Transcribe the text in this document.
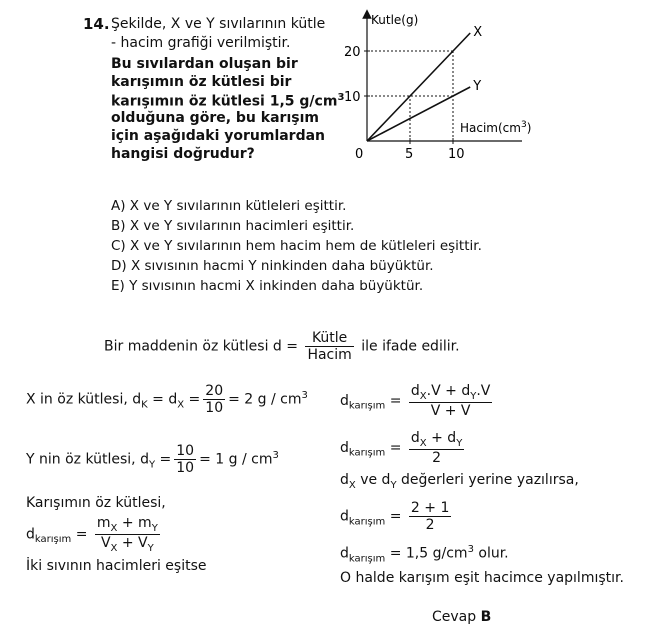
14. Şekilde, X ve Y sıvılarının kütle
- hacim grafiği verilmiştir.
Bu sıvılardan oluşan bir
karışımın öz kütlesi bir
karışımın öz kütlesi 1,5 $g/cm^3$
olduğuna göre, bu karışım
için aşağıdaki yorumlardan
hangisi doğrudur?
Kutle(g)
$Hacim(cm^3)$
0	5	10
10
20
X
Y
A) X ve Y sıvılarının kütleleri eşittir.
B) X ve Y sıvılarının hacimleri eşittir.
C) X ve Y sıvılarının hem hacim hem de kütleleri eşittir.
D) X sıvısının hacmi Y ninkinden daha büyüktür.
E) Y sıvısının hacmi X inkinden daha büyüktür.
Bir maddenin öz kütlesi $d = \frac{\text{Kütle}}{\text{Hacim}}$ ile ifade edilir.
X in öz kütlesi, $d_K = d_X = \frac{20}{10} = 2$ g / $cm^3$
Y nin öz kütlesi, $d_Y = \frac{10}{10} = 1$ g / $cm^3$
Karışımın öz kütlesi,
$d_{karışım} = \frac{m_X + m_Y}{V_X + V_Y}$
İki sıvının hacimleri eşitse
$d_{karışım} = \frac{d_X.V + d_Y.V}{V + V}$
$d_{karışım} = \frac{d_X + d_Y}{2}$
$d_X$ ve $d_Y$ değerleri yerine yazılırsa,
$d_{karışım} = \frac{2 + 1}{2}$
$d_{karışım} = 1,5$ $g/cm^3$ olur.
O halde karışım eşit hacimce yapılmıştır.
Cevap B
